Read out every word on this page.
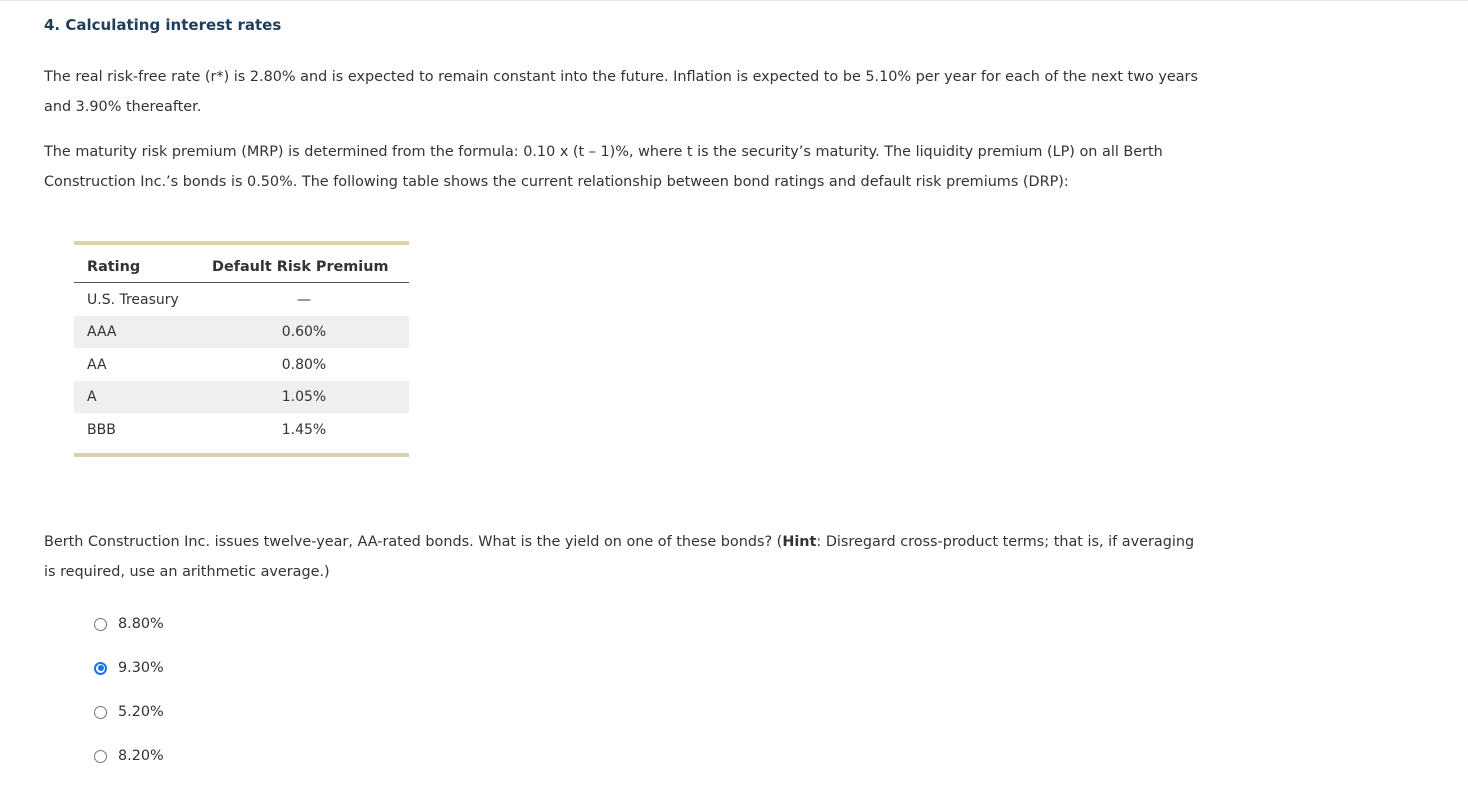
4. Calculating interest rates

The real risk-free rate (r*) is 2.80% and is expected to remain constant into the future. Inflation is expected to be 5.10% per year for each of the next two years and 3.90% thereafter.

The maturity risk premium (MRP) is determined from the formula: 0.10 x (t – 1)%, where t is the security’s maturity. The liquidity premium (LP) on all Berth Construction Inc.’s bonds is 0.50%. The following table shows the current relationship between bond ratings and default risk premiums (DRP):

Rating	Default Risk Premium
U.S. Treasury	—
AAA	0.60%
AA	0.80%
A	1.05%
BBB	1.45%

Berth Construction Inc. issues twelve-year, AA-rated bonds. What is the yield on one of these bonds? (Hint: Disregard cross-product terms; that is, if averaging is required, use an arithmetic average.)

8.80%
9.30%
5.20%
8.20%
